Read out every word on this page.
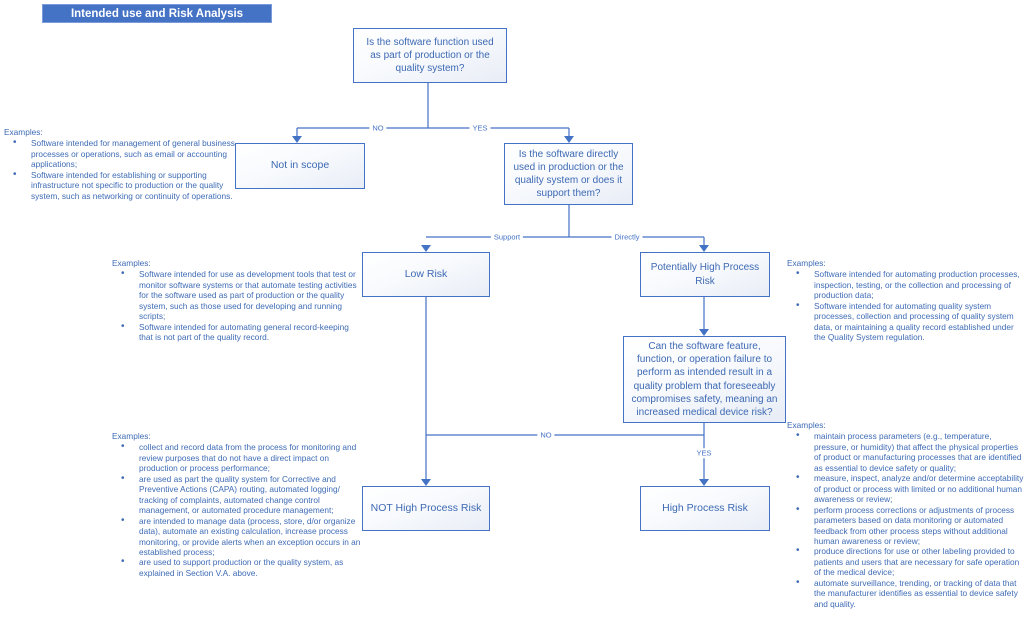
Intended use and Risk Analysis
Is the software function used as part of production or the quality system?
Not in scope
Is the software directly used in production or the quality system or does it support them?
Low Risk	Potentially High Process Risk
Can the software feature, function, or operation failure to perform as intended result in a quality problem that foreseeably compromises safety, meaning an increased medical device risk?
NOT High Process Risk	High Process Risk
NO	YES
Support	Directly
NO
YES
Examples:
• Software intended for management of general business processes or operations, such as email or accounting applications;
• Software intended for establishing or supporting infrastructure not specific to production or the quality system, such as networking or continuity of operations.
Examples:
• Software intended for use as development tools that test or monitor software systems or that automate testing activities for the software used as part of production or the quality system, such as those used for developing and running scripts;
• Software intended for automating general record-keeping that is not part of the quality record.
Examples:
• Software intended for automating production processes, inspection, testing, or the collection and processing of production data;
• Software intended for automating quality system processes, collection and processing of quality system data, or maintaining a quality record established under the Quality System regulation.
Examples:
• collect and record data from the process for monitoring and review purposes that do not have a direct impact on production or process performance;
• are used as part the quality system for Corrective and Preventive Actions (CAPA) routing, automated logging/ tracking of complaints, automated change control management, or automated procedure management;
• are intended to manage data (process, store, d/or organize data), automate an existing calculation, increase process monitoring, or provide alerts when an exception occurs in an established process;
• are used to support production or the quality system, as explained in Section V.A. above.
Examples:
• maintain process parameters (e.g., temperature, pressure, or humidity) that affect the physical properties of product or manufacturing processes that are identified as essential to device safety or quality;
• measure, inspect, analyze and/or determine acceptability of product or process with limited or no additional human awareness or review;
• perform process corrections or adjustments of process parameters based on data monitoring or automated feedback from other process steps without additional human awareness or review;
• produce directions for use or other labeling provided to patients and users that are necessary for safe operation of the medical device;
• automate surveillance, trending, or tracking of data that the manufacturer identifies as essential to device safety and quality.
